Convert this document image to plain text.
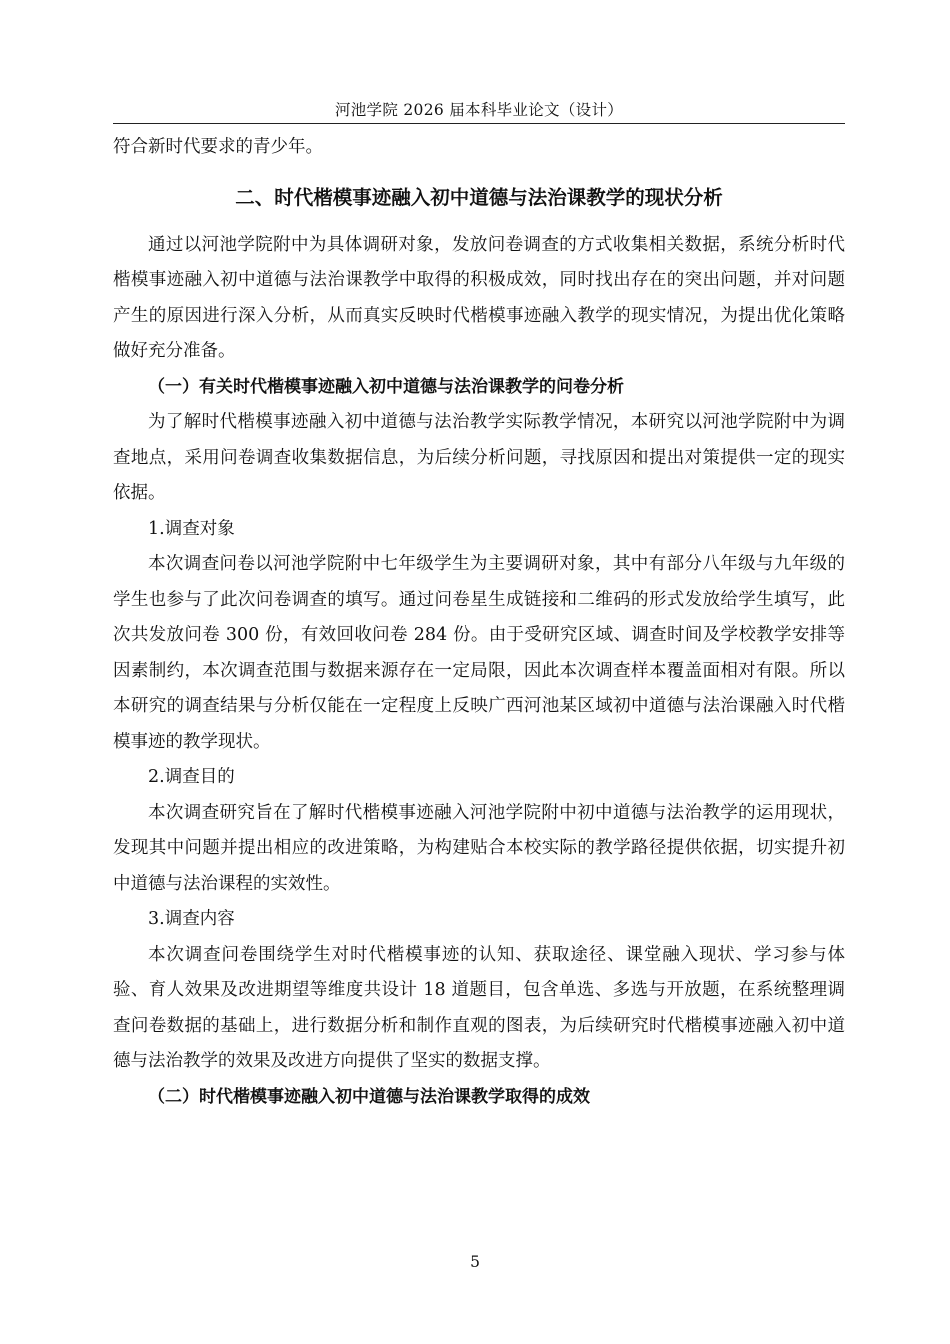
河池学院 2026 届本科毕业论文（设计）

符合新时代要求的青少年。

二、时代楷模事迹融入初中道德与法治课教学的现状分析

通过以河池学院附中为具体调研对象，发放问卷调查的方式收集相关数据，系统分析时代楷模事迹融入初中道德与法治课教学中取得的积极成效，同时找出存在的突出问题，并对问题产生的原因进行深入分析，从而真实反映时代楷模事迹融入教学的现实情况，为提出优化策略做好充分准备。

（一）有关时代楷模事迹融入初中道德与法治课教学的问卷分析

为了解时代楷模事迹融入初中道德与法治教学实际教学情况，本研究以河池学院附中为调查地点，采用问卷调查收集数据信息，为后续分析问题，寻找原因和提出对策提供一定的现实依据。

1.调查对象

本次调查问卷以河池学院附中七年级学生为主要调研对象，其中有部分八年级与九年级的学生也参与了此次问卷调查的填写。通过问卷星生成链接和二维码的形式发放给学生填写，此次共发放问卷 300 份，有效回收问卷 284 份。由于受研究区域、调查时间及学校教学安排等因素制约，本次调查范围与数据来源存在一定局限，因此本次调查样本覆盖面相对有限。所以本研究的调查结果与分析仅能在一定程度上反映广西河池某区域初中道德与法治课融入时代楷模事迹的教学现状。

2.调查目的

本次调查研究旨在了解时代楷模事迹融入河池学院附中初中道德与法治教学的运用现状，发现其中问题并提出相应的改进策略，为构建贴合本校实际的教学路径提供依据，切实提升初中道德与法治课程的实效性。

3.调查内容

本次调查问卷围绕学生对时代楷模事迹的认知、获取途径、课堂融入现状、学习参与体验、育人效果及改进期望等维度共设计 18 道题目，包含单选、多选与开放题，在系统整理调查问卷数据的基础上，进行数据分析和制作直观的图表，为后续研究时代楷模事迹融入初中道德与法治教学的效果及改进方向提供了坚实的数据支撑。

（二）时代楷模事迹融入初中道德与法治课教学取得的成效
5
